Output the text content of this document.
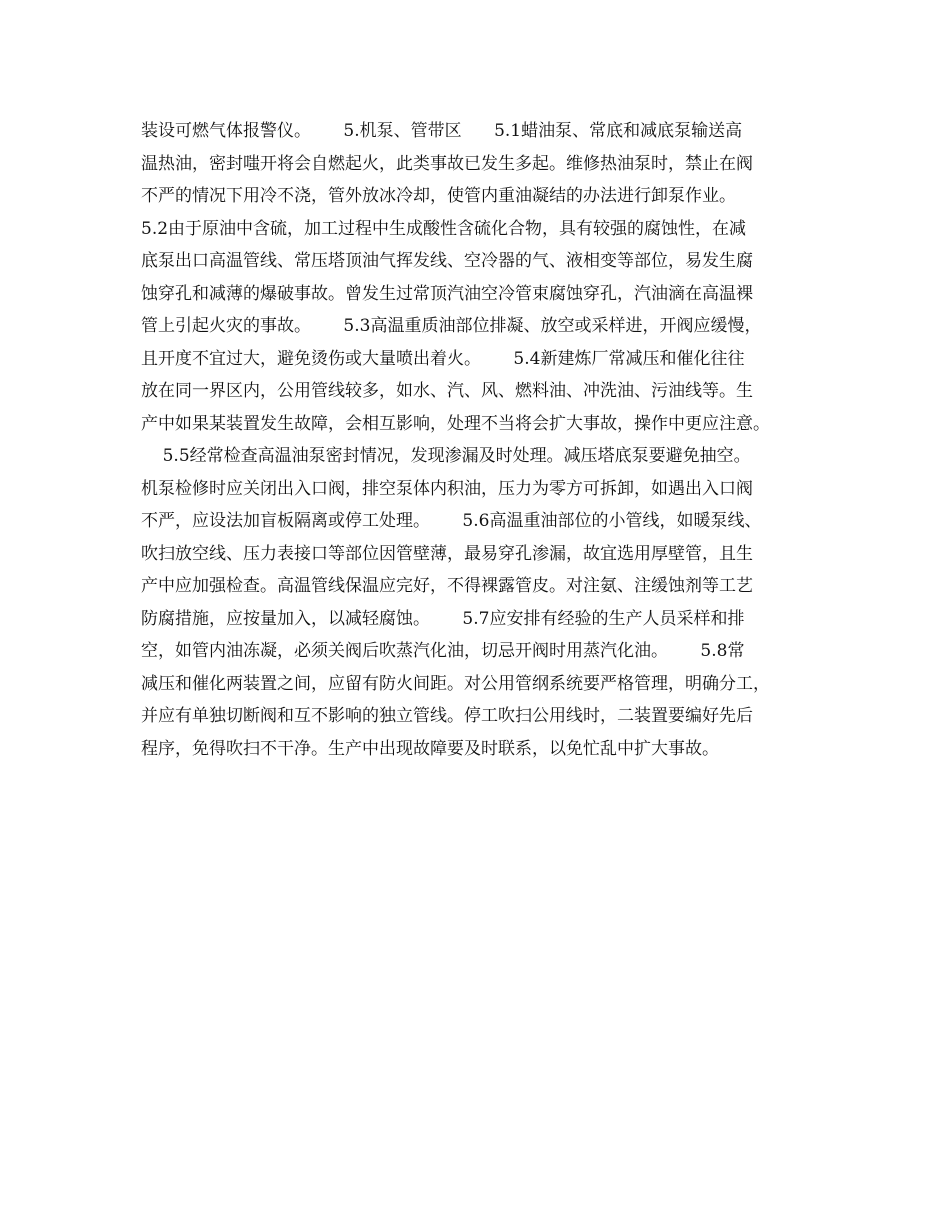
装设可燃气体报警仪。      5.机泵、管带区      5.1蜡油泵、常底和减底泵输送高
温热油，密封嗤开将会自燃起火，此类事故已发生多起。维修热油泵时，禁止在阀
不严的情况下用冷不浇，管外放冰冷却，使管内重油凝结的办法进行卸泵作业。
5.2由于原油中含硫，加工过程中生成酸性含硫化合物，具有较强的腐蚀性，在减
底泵出口高温管线、常压塔顶油气挥发线、空冷器的气、液相变等部位，易发生腐
蚀穿孔和减薄的爆破事故。曾发生过常顶汽油空冷管束腐蚀穿孔，汽油滴在高温裸
管上引起火灾的事故。      5.3高温重质油部位排凝、放空或采样进，开阀应缓慢，
且开度不宜过大，避免烫伤或大量喷出着火。      5.4新建炼厂常减压和催化往往
放在同一界区内，公用管线较多，如水、汽、风、燃料油、冲洗油、污油线等。生
产中如果某装置发生故障，会相互影响，处理不当将会扩大事故，操作中更应注意。
5.5经常检查高温油泵密封情况，发现渗漏及时处理。减压塔底泵要避免抽空。
机泵检修时应关闭出入口阀，排空泵体内积油，压力为零方可拆卸，如遇出入口阀
不严，应设法加盲板隔离或停工处理。      5.6高温重油部位的小管线，如暖泵线、
吹扫放空线、压力表接口等部位因管壁薄，最易穿孔渗漏，故宜选用厚壁管，且生
产中应加强检查。高温管线保温应完好，不得裸露管皮。对注氨、注缓蚀剂等工艺
防腐措施，应按量加入，以减轻腐蚀。      5.7应安排有经验的生产人员采样和排
空，如管内油冻凝，必须关阀后吹蒸汽化油，切忌开阀时用蒸汽化油。      5.8常
减压和催化两装置之间，应留有防火间距。对公用管纲系统要严格管理，明确分工，
并应有单独切断阀和互不影响的独立管线。停工吹扫公用线时，二装置要编好先后
程序，免得吹扫不干净。生产中出现故障要及时联系，以免忙乱中扩大事故。
